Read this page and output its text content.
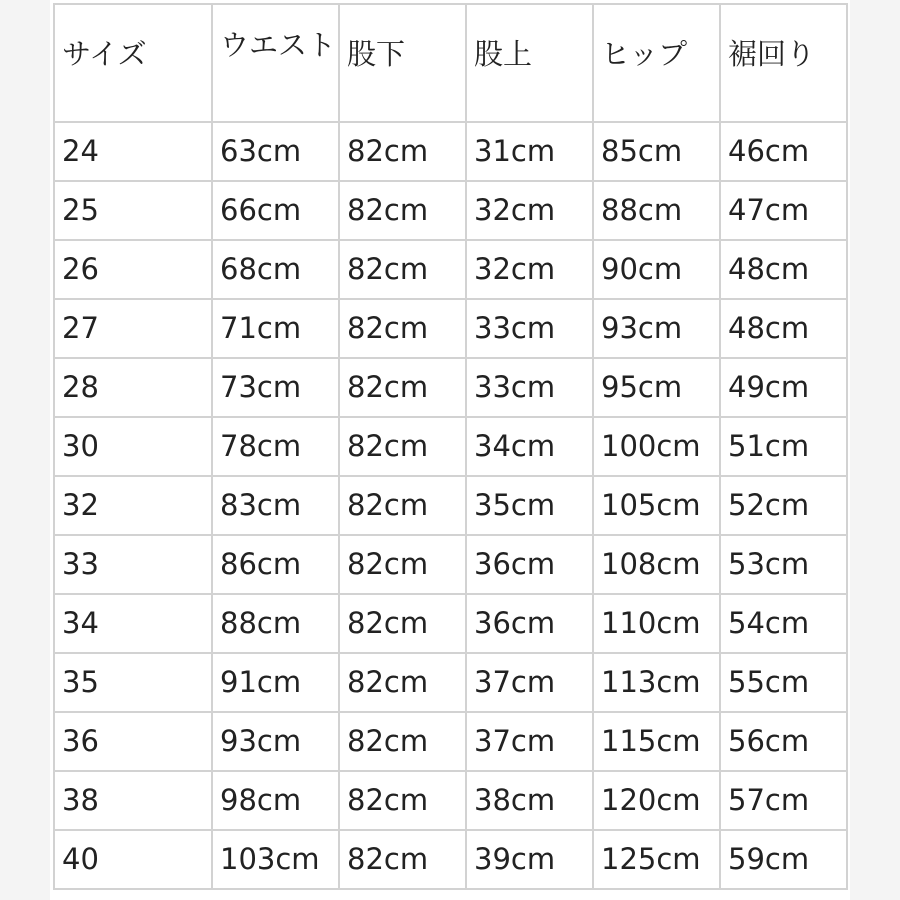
サイズ	ウエスト	股下	股上	ヒップ	裾回り
24	63cm	82cm	31cm	85cm	46cm
25	66cm	82cm	32cm	88cm	47cm
26	68cm	82cm	32cm	90cm	48cm
27	71cm	82cm	33cm	93cm	48cm
28	73cm	82cm	33cm	95cm	49cm
30	78cm	82cm	34cm	100cm	51cm
32	83cm	82cm	35cm	105cm	52cm
33	86cm	82cm	36cm	108cm	53cm
34	88cm	82cm	36cm	110cm	54cm
35	91cm	82cm	37cm	113cm	55cm
36	93cm	82cm	37cm	115cm	56cm
38	98cm	82cm	38cm	120cm	57cm
40	103cm	82cm	39cm	125cm	59cm
